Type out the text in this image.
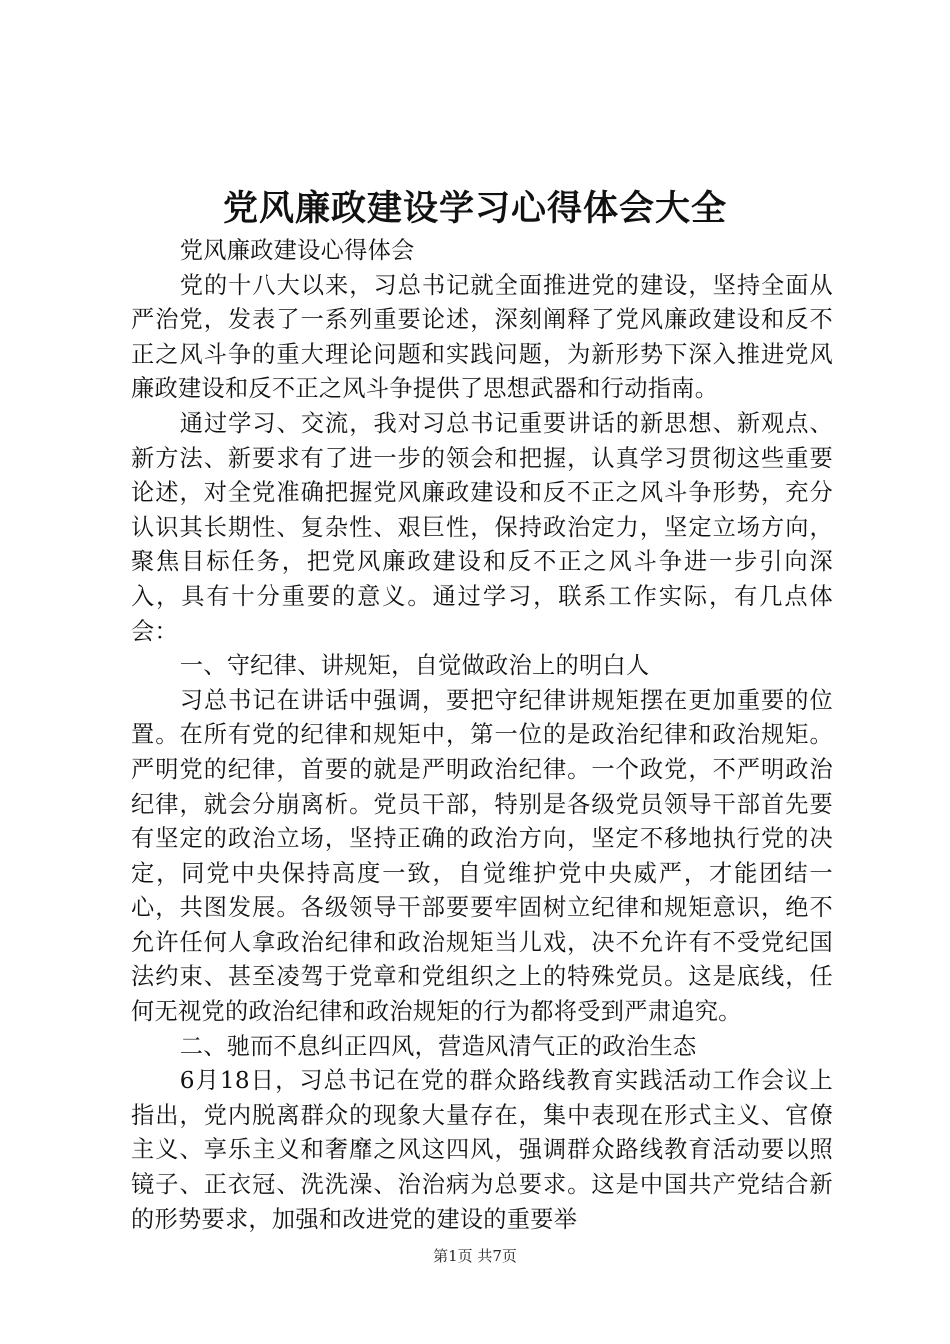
党风廉政建设学习心得体会大全

党风廉政建设心得体会

党的十八大以来，习总书记就全面推进党的建设，坚持全面从严治党，发表了一系列重要论述，深刻阐释了党风廉政建设和反不正之风斗争的重大理论问题和实践问题，为新形势下深入推进党风廉政建设和反不正之风斗争提供了思想武器和行动指南。

通过学习、交流，我对习总书记重要讲话的新思想、新观点、新方法、新要求有了进一步的领会和把握，认真学习贯彻这些重要论述，对全党准确把握党风廉政建设和反不正之风斗争形势，充分认识其长期性、复杂性、艰巨性，保持政治定力，坚定立场方向，聚焦目标任务，把党风廉政建设和反不正之风斗争进一步引向深入，具有十分重要的意义。通过学习，联系工作实际，有几点体会：

一、守纪律、讲规矩，自觉做政治上的明白人

习总书记在讲话中强调，要把守纪律讲规矩摆在更加重要的位置。在所有党的纪律和规矩中，第一位的是政治纪律和政治规矩。严明党的纪律，首要的就是严明政治纪律。一个政党，不严明政治纪律，就会分崩离析。党员干部，特别是各级党员领导干部首先要有坚定的政治立场，坚持正确的政治方向，坚定不移地执行党的决定，同党中央保持高度一致，自觉维护党中央威严，才能团结一心，共图发展。各级领导干部要要牢固树立纪律和规矩意识，绝不允许任何人拿政治纪律和政治规矩当儿戏，决不允许有不受党纪国法约束、甚至凌驾于党章和党组织之上的特殊党员。这是底线，任何无视党的政治纪律和政治规矩的行为都将受到严肃追究。

二、驰而不息纠正四风，营造风清气正的政治生态

6月18日，习总书记在党的群众路线教育实践活动工作会议上指出，党内脱离群众的现象大量存在，集中表现在形式主义、官僚主义、享乐主义和奢靡之风这四风，强调群众路线教育活动要以照镜子、正衣冠、洗洗澡、治治病为总要求。这是中国共产党结合新的形势要求，加强和改进党的建设的重要举

第1页 共7页
